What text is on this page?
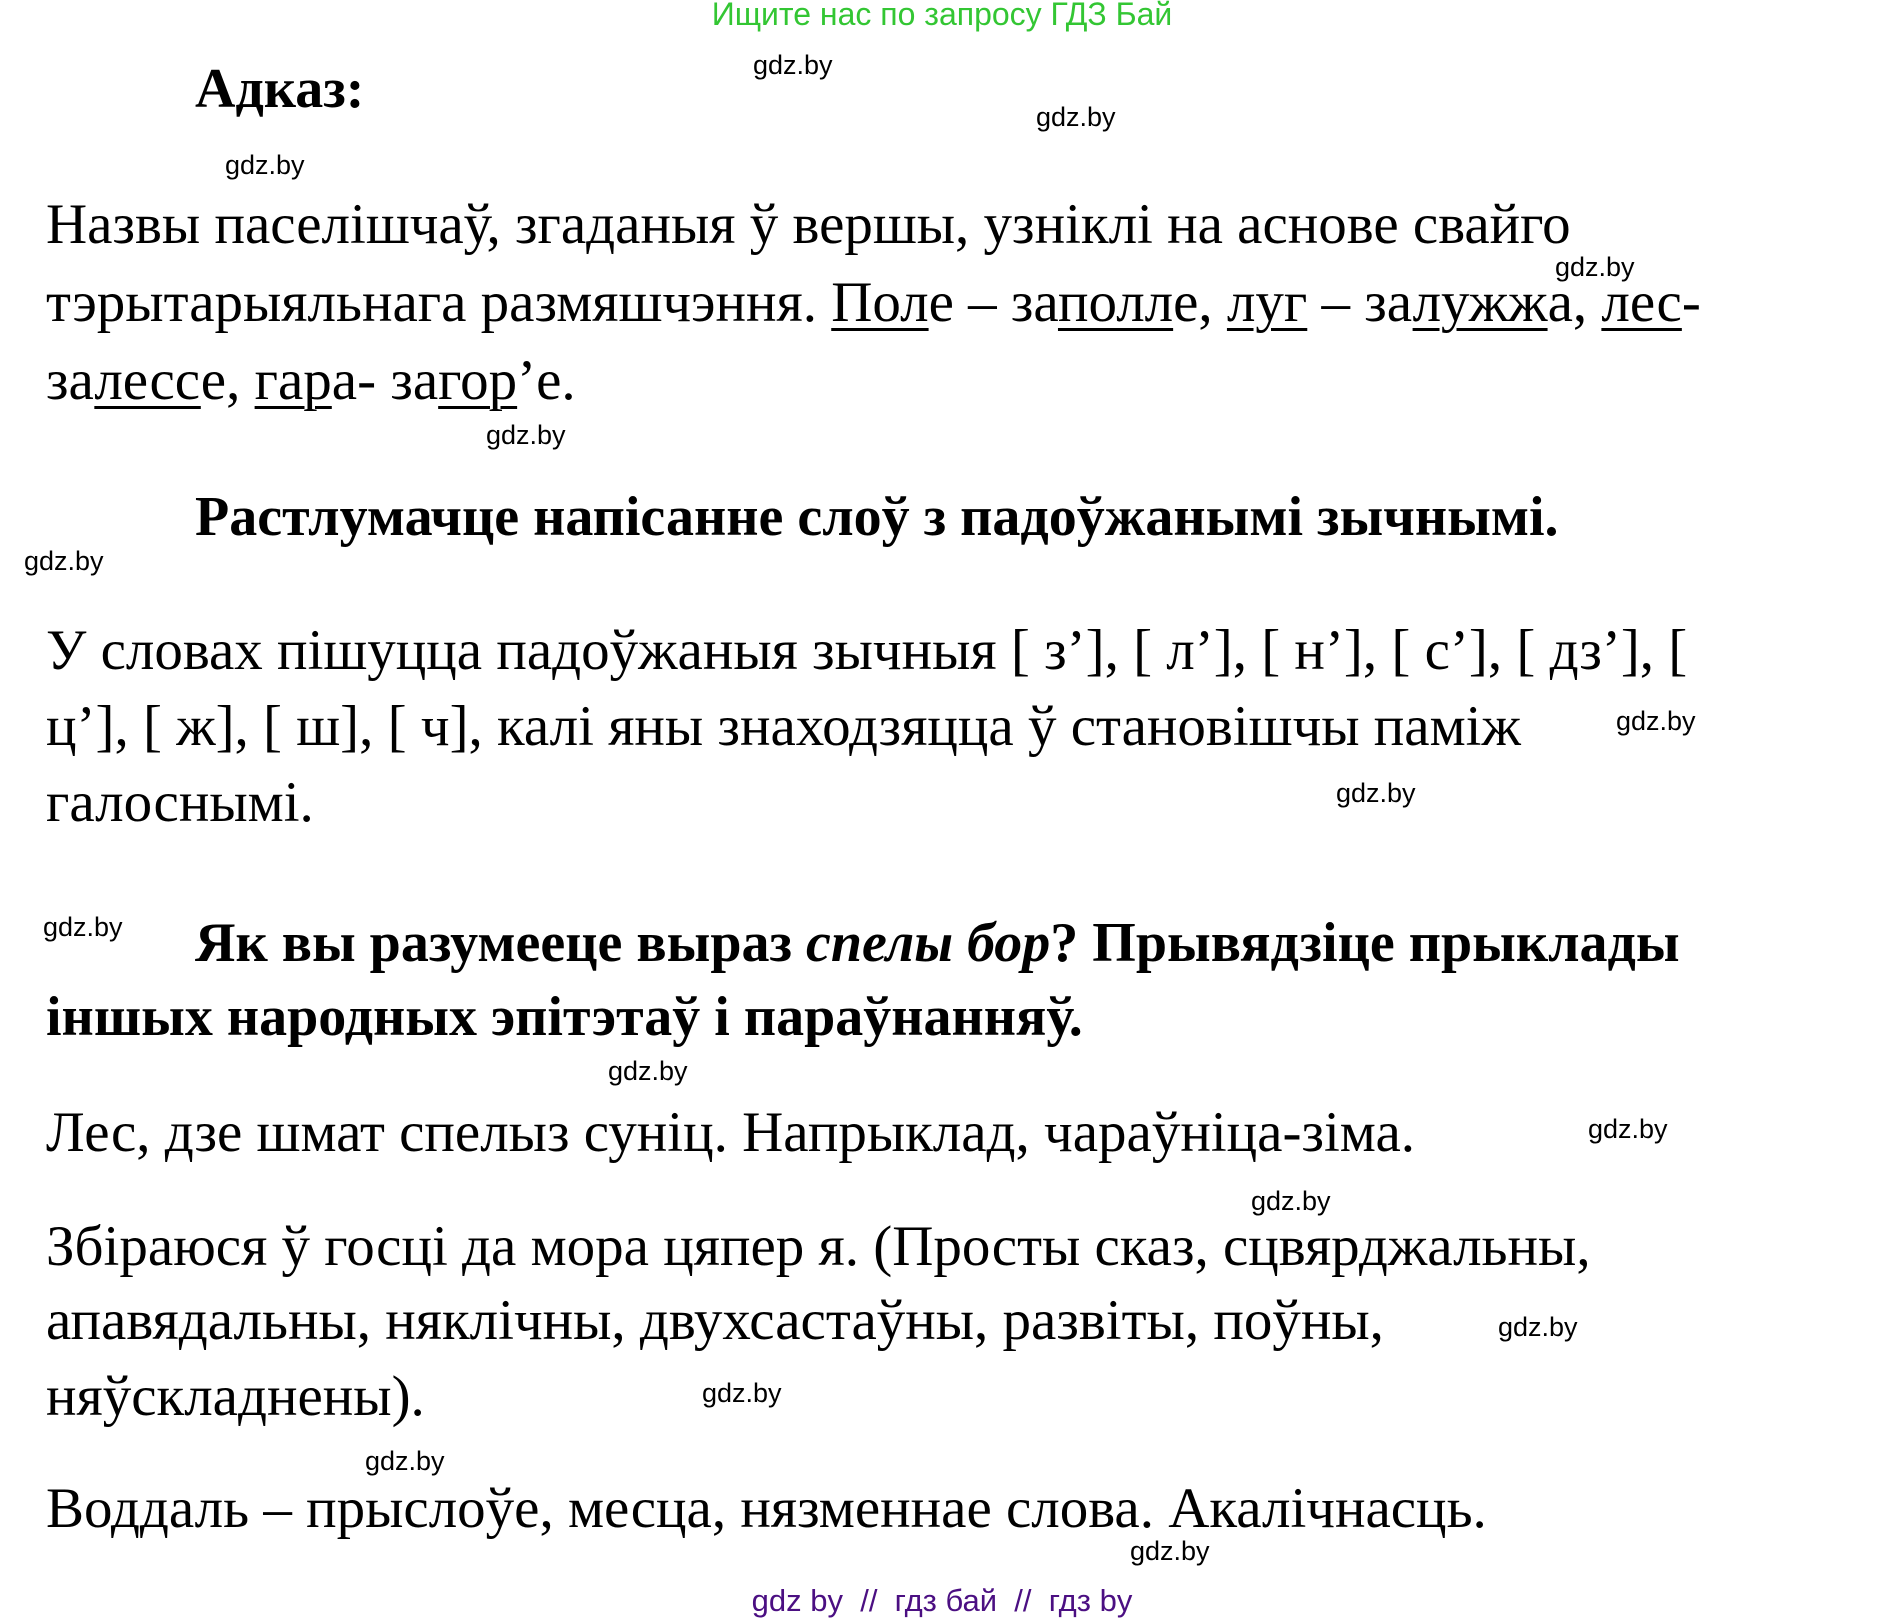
Ищите нас по запросу ГДЗ Бай
Адказ:
Назвы паселішчаў, згаданыя ў вершы, узніклі на аснове свайго
тэрытарыяльнага размяшчэння. Поле – заполле, луг – залужжа, лес-
залессе, гара- загор’е.
Растлумачце напісанне слоў з падоўжанымі зычнымі.
У словах пішуцца падоўжаныя зычныя [ з’], [ л’], [ н’], [ с’], [ дз’], [
ц’], [ ж], [ ш], [ ч], калі яны знаходзяцца ў становішчы паміж
галоснымі.
Як вы разумееце выраз спелы бор? Прывядзіце прыклады
іншых народных эпітэтаў і параўнанняў.
Лес, дзе шмат спелыз суніц. Напрыклад, чараўніца-зіма.
Збіраюся ў госці да мора цяпер я. (Просты сказ, сцвярджальны,
апавядальны, няклічны, двухсастаўны, развіты, поўны,
няўскладнены).
Воддаль – прыслоўе, месца, нязменнае слова. Акалічнасць.
gdz.by
gdz.by
gdz.by
gdz.by
gdz.by
gdz.by
gdz.by
gdz.by
gdz.by
gdz.by
gdz.by
gdz.by
gdz.by
gdz.by
gdz.by
gdz.by
gdz by  //  гдз бай  //  гдз by
